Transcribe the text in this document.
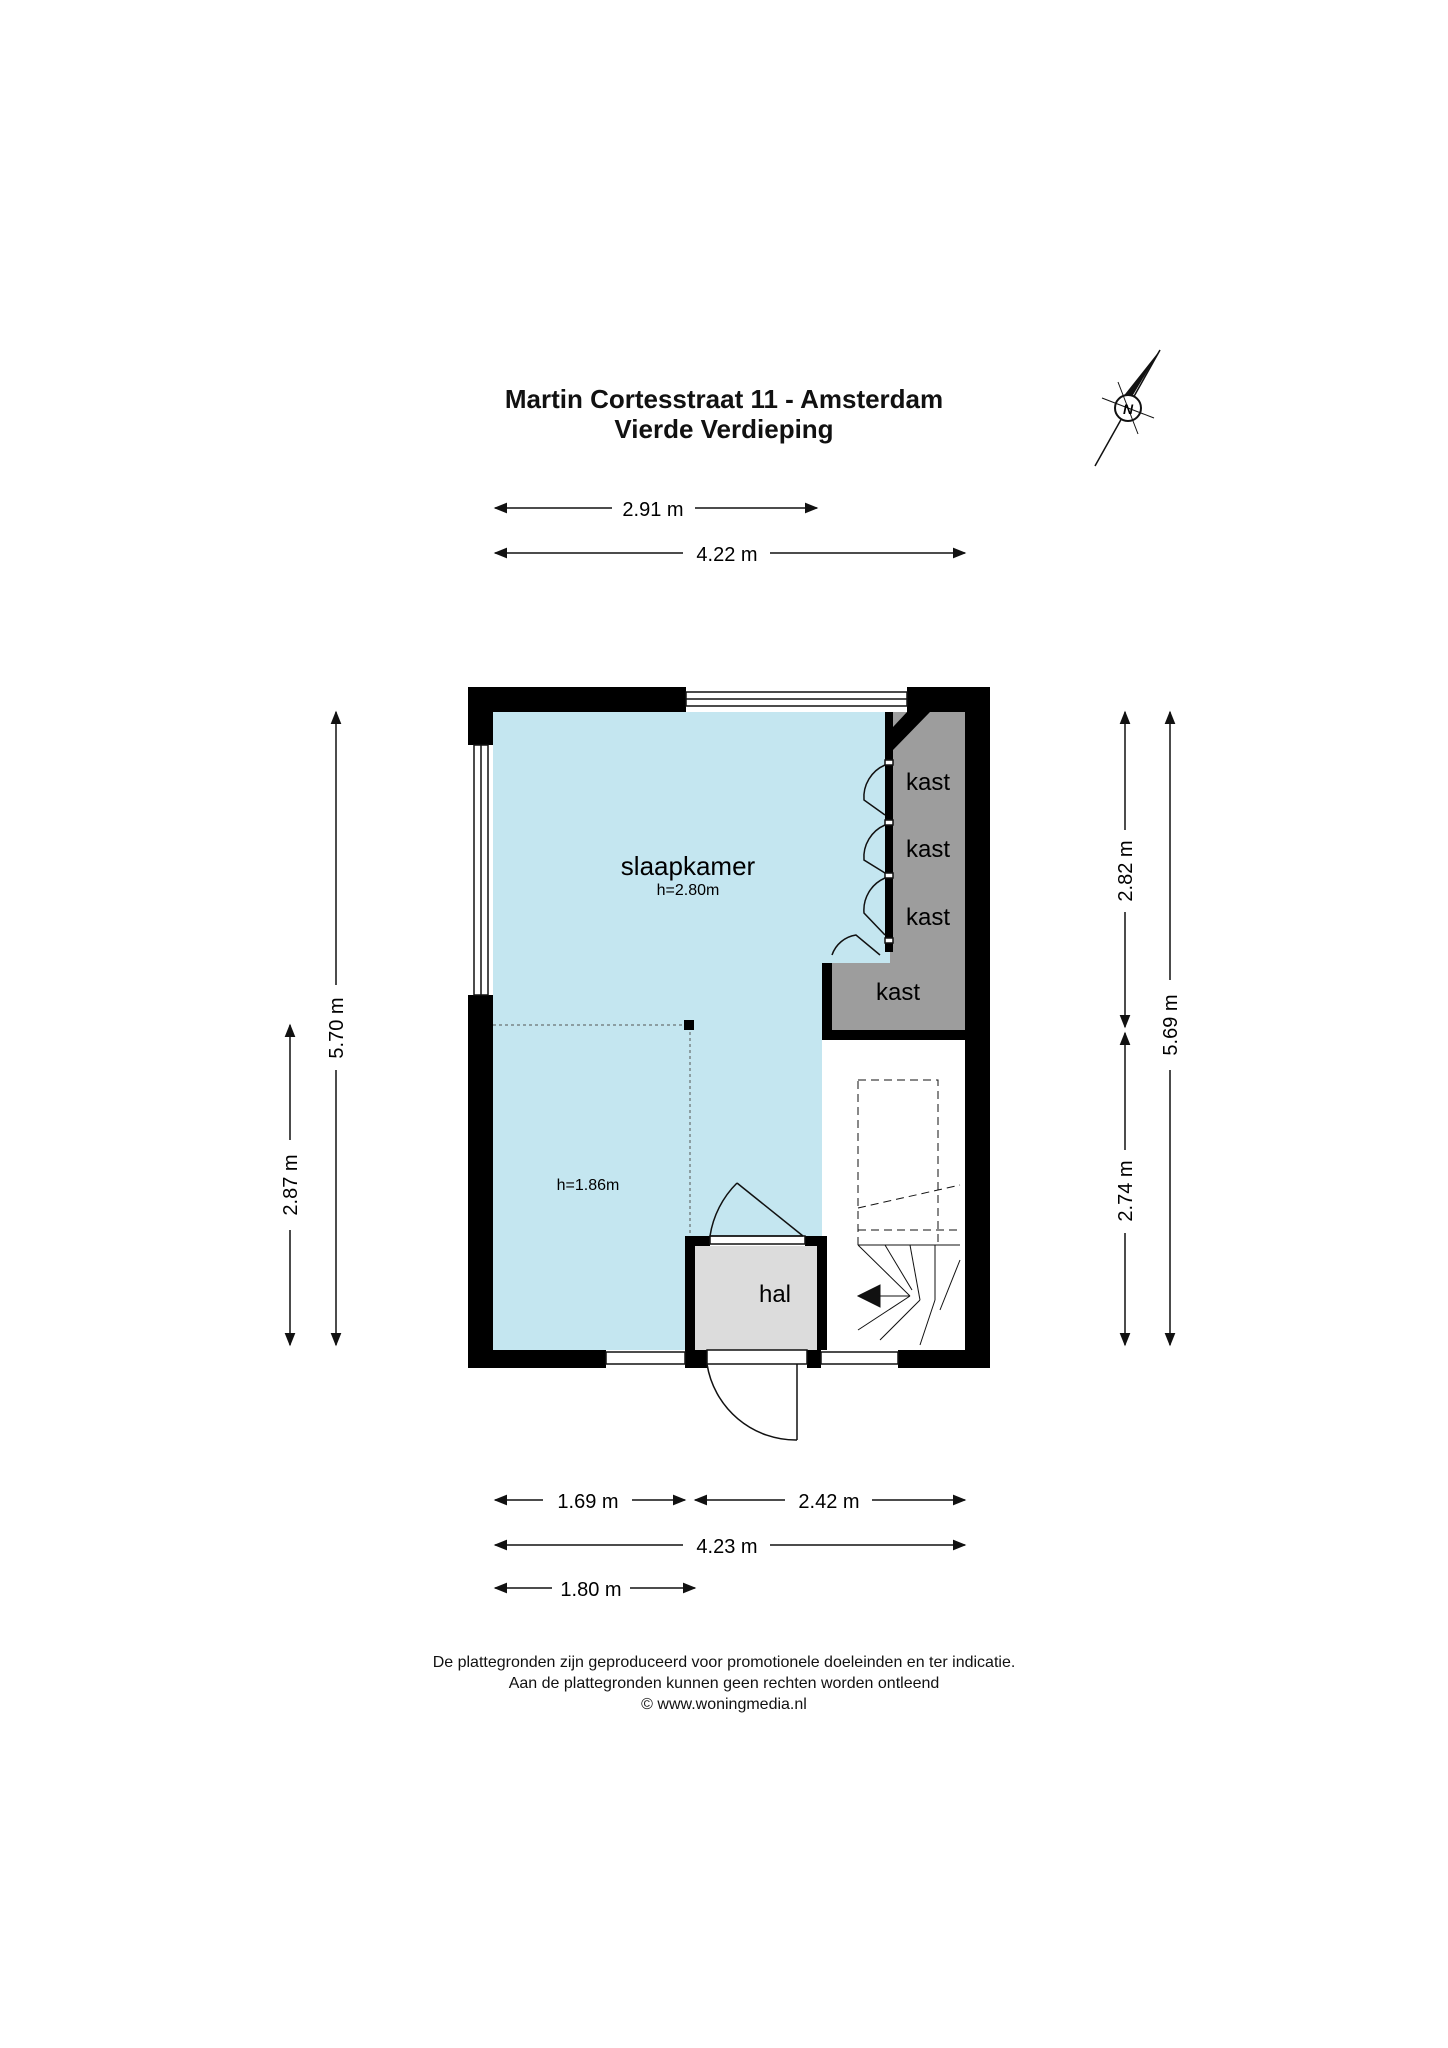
Martin Cortesstraat 11 - Amsterdam
Vierde Verdieping
N
slaapkamer
h=2.80m
h=1.86m
kast
kast
kast
kast
hal
2.91 m
4.22 m
1.69 m	2.42 m
4.23 m
1.80 m
5.70 m
2.87 m
2.82 m
2.74 m
5.69 m
De plattegronden zijn geproduceerd voor promotionele doeleinden en ter indicatie.
Aan de plattegronden kunnen geen rechten worden ontleend
© www.woningmedia.nl
